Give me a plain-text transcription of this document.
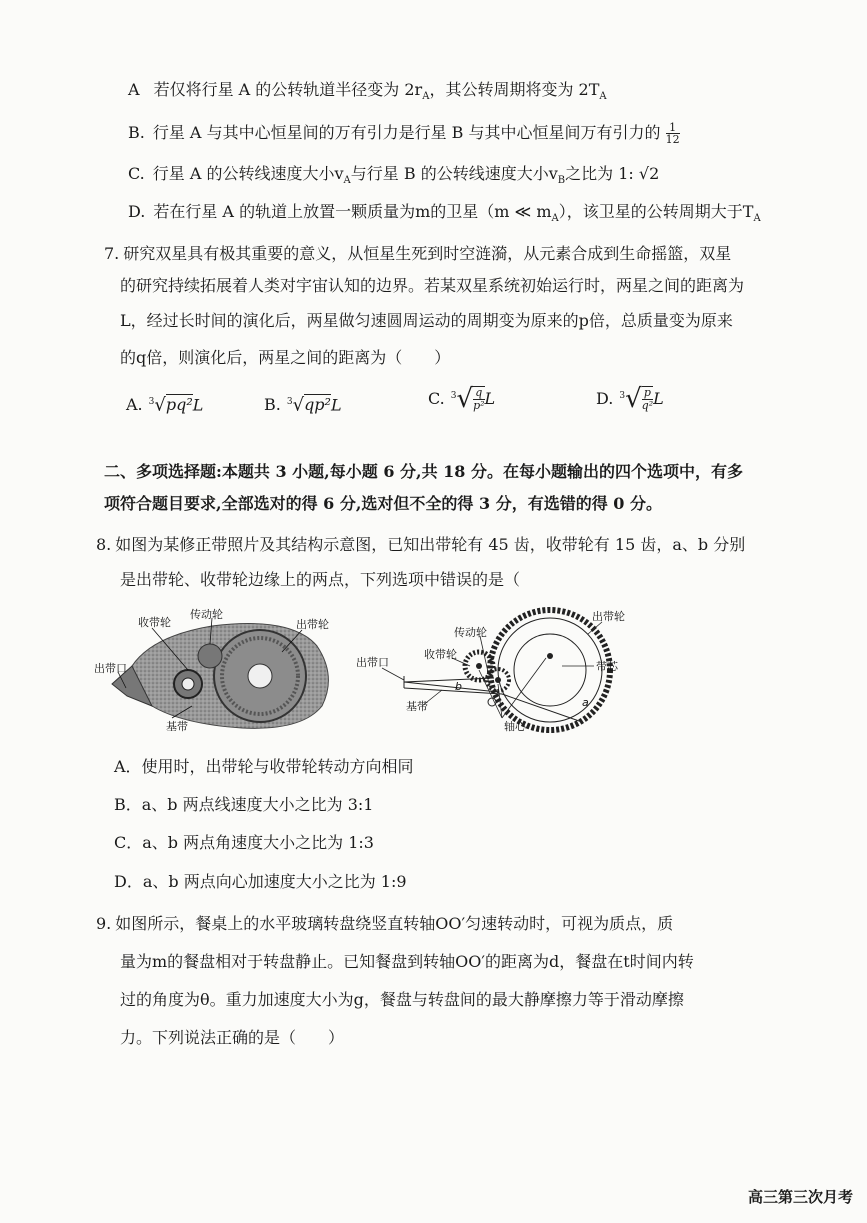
A 若仅将行星 A 的公转轨道半径变为 $2r_A$，其公转周期将变为 $2T_A$
B. 行星 A 与其中心恒星间的万有引力是行星 B 与其中心恒星间万有引力的 $\frac{1}{12}$
C. 行星 A 的公转线速度大小$v_A$与行星 B 的公转线速度大小$v_B$之比为 1: √2
D. 若在行星 A 的轨道上放置一颗质量为m的卫星（m ≪ $m_A$），该卫星的公转周期大于$T_A$
7. 研究双星具有极其重要的意义，从恒星生死到时空涟漪，从元素合成到生命摇篮，双星
的研究持续拓展着人类对宇宙认知的边界。若某双星系统初始运行时，两星之间的距离为
L，经过长时间的演化后，两星做匀速圆周运动的周期变为原来的p倍，总质量变为原来
的q倍，则演化后，两星之间的距离为（　　）
A. $^3$√pq²L	B. $^3$√qp²L	C. $^3√ \frac{q}{\text{p²}}$ L	D. $^3√ \frac{p}{\text{q²}}$ L
二、多项选择题:本题共 3 小题,每小题 6 分,共 18 分。在每小题输出的四个选项中，有多
项符合题目要求,全部选对的得 6 分,选对但不全的得 3 分，有选错的得 0 分。
8. 如图为某修正带照片及其结构示意图，已知出带轮有 45 齿，收带轮有 15 齿，a、b 分别
是出带轮、收带轮边缘上的两点，下列选项中错误的是（
收带轮
传动轮
出带轮
出带口
基带
出带轮
传动轮
收带轮
出带口	带芯
基带
轴心
a
b
A．使用时，出带轮与收带轮转动方向相同
B．a、b 两点线速度大小之比为 3:1
C．a、b 两点角速度大小之比为 1:3
D．a、b 两点向心加速度大小之比为 1:9
9. 如图所示，餐桌上的水平玻璃转盘绕竖直转轴OO′匀速转动时，可视为质点，质
量为m的餐盘相对于转盘静止。已知餐盘到转轴OO′的距离为d，餐盘在t时间内转
过的角度为θ。重力加速度大小为g，餐盘与转盘间的最大静摩擦力等于滑动摩擦
力。下列说法正确的是（　　）
高三第三次月考
